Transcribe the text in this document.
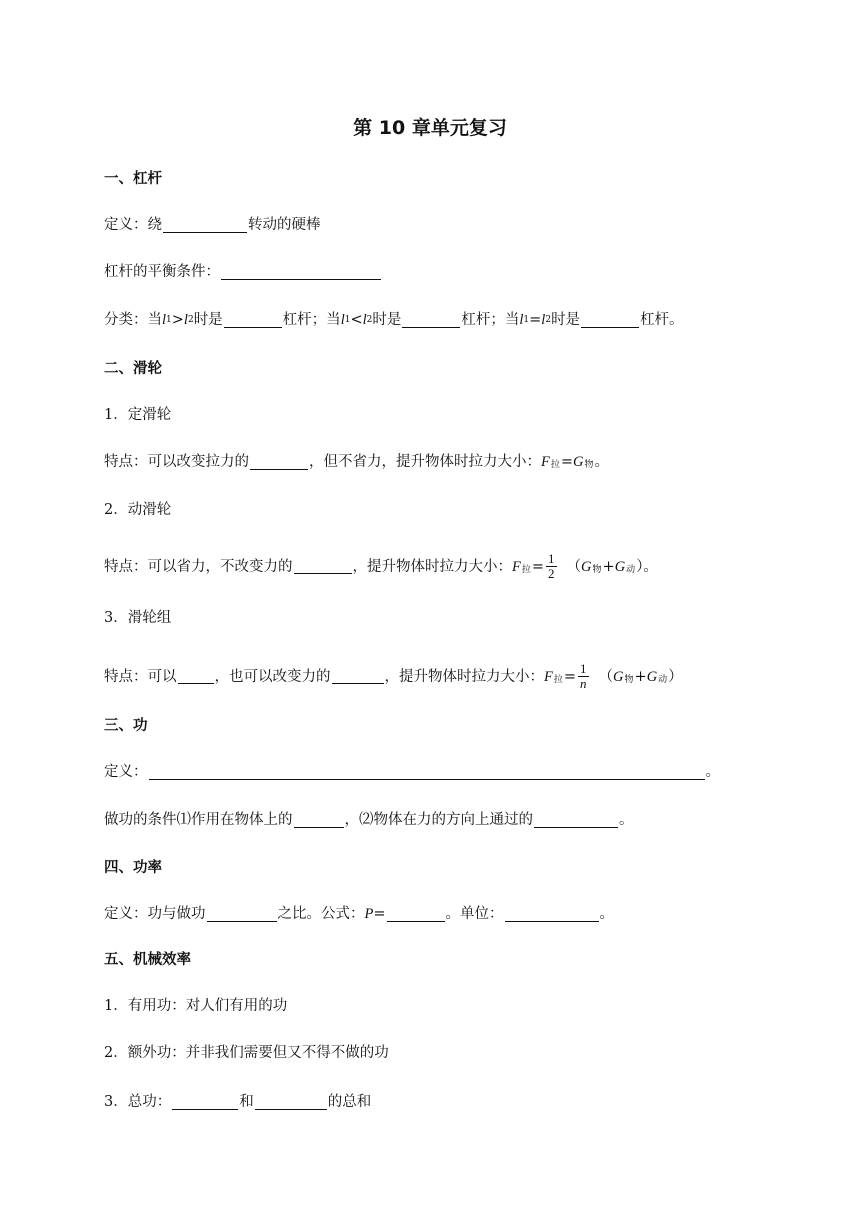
第 10 章单元复习
一、杠杆
定义：绕	转动的硬棒
杠杆的平衡条件：
分类：当 l 1 > l 2 时是	杠杆；当 l 1 < l 2 时是	杠杆；当 l 1 = l 2 时是	杠杆。
二、滑轮
1．定滑轮
特点：可以改变拉力的	，但不省力，提升物体时拉力大小： F 拉 = G 物 。
2．动滑轮
特点：可以省力，不改变力的	，提升物体时拉力大小： F 拉 = $\frac{1}{2}$ （ G 物 + G 动 ）。
3．滑轮组
特点：可以	，也可以改变力的	，提升物体时拉力大小： F 拉 = $\frac{1}{n}$ （ G 物 + G 动 ）
三、功
定义：	。
做功的条件⑴作用在物体上的	，⑵物体在力的方向上通过的	。
四、功率
定义：功与做功	之比。公式： P =	。单位：	。
五、机械效率
1．有用功：对人们有用的功
2．额外功：并非我们需要但又不得不做的功
3．总功：	和	的总和
